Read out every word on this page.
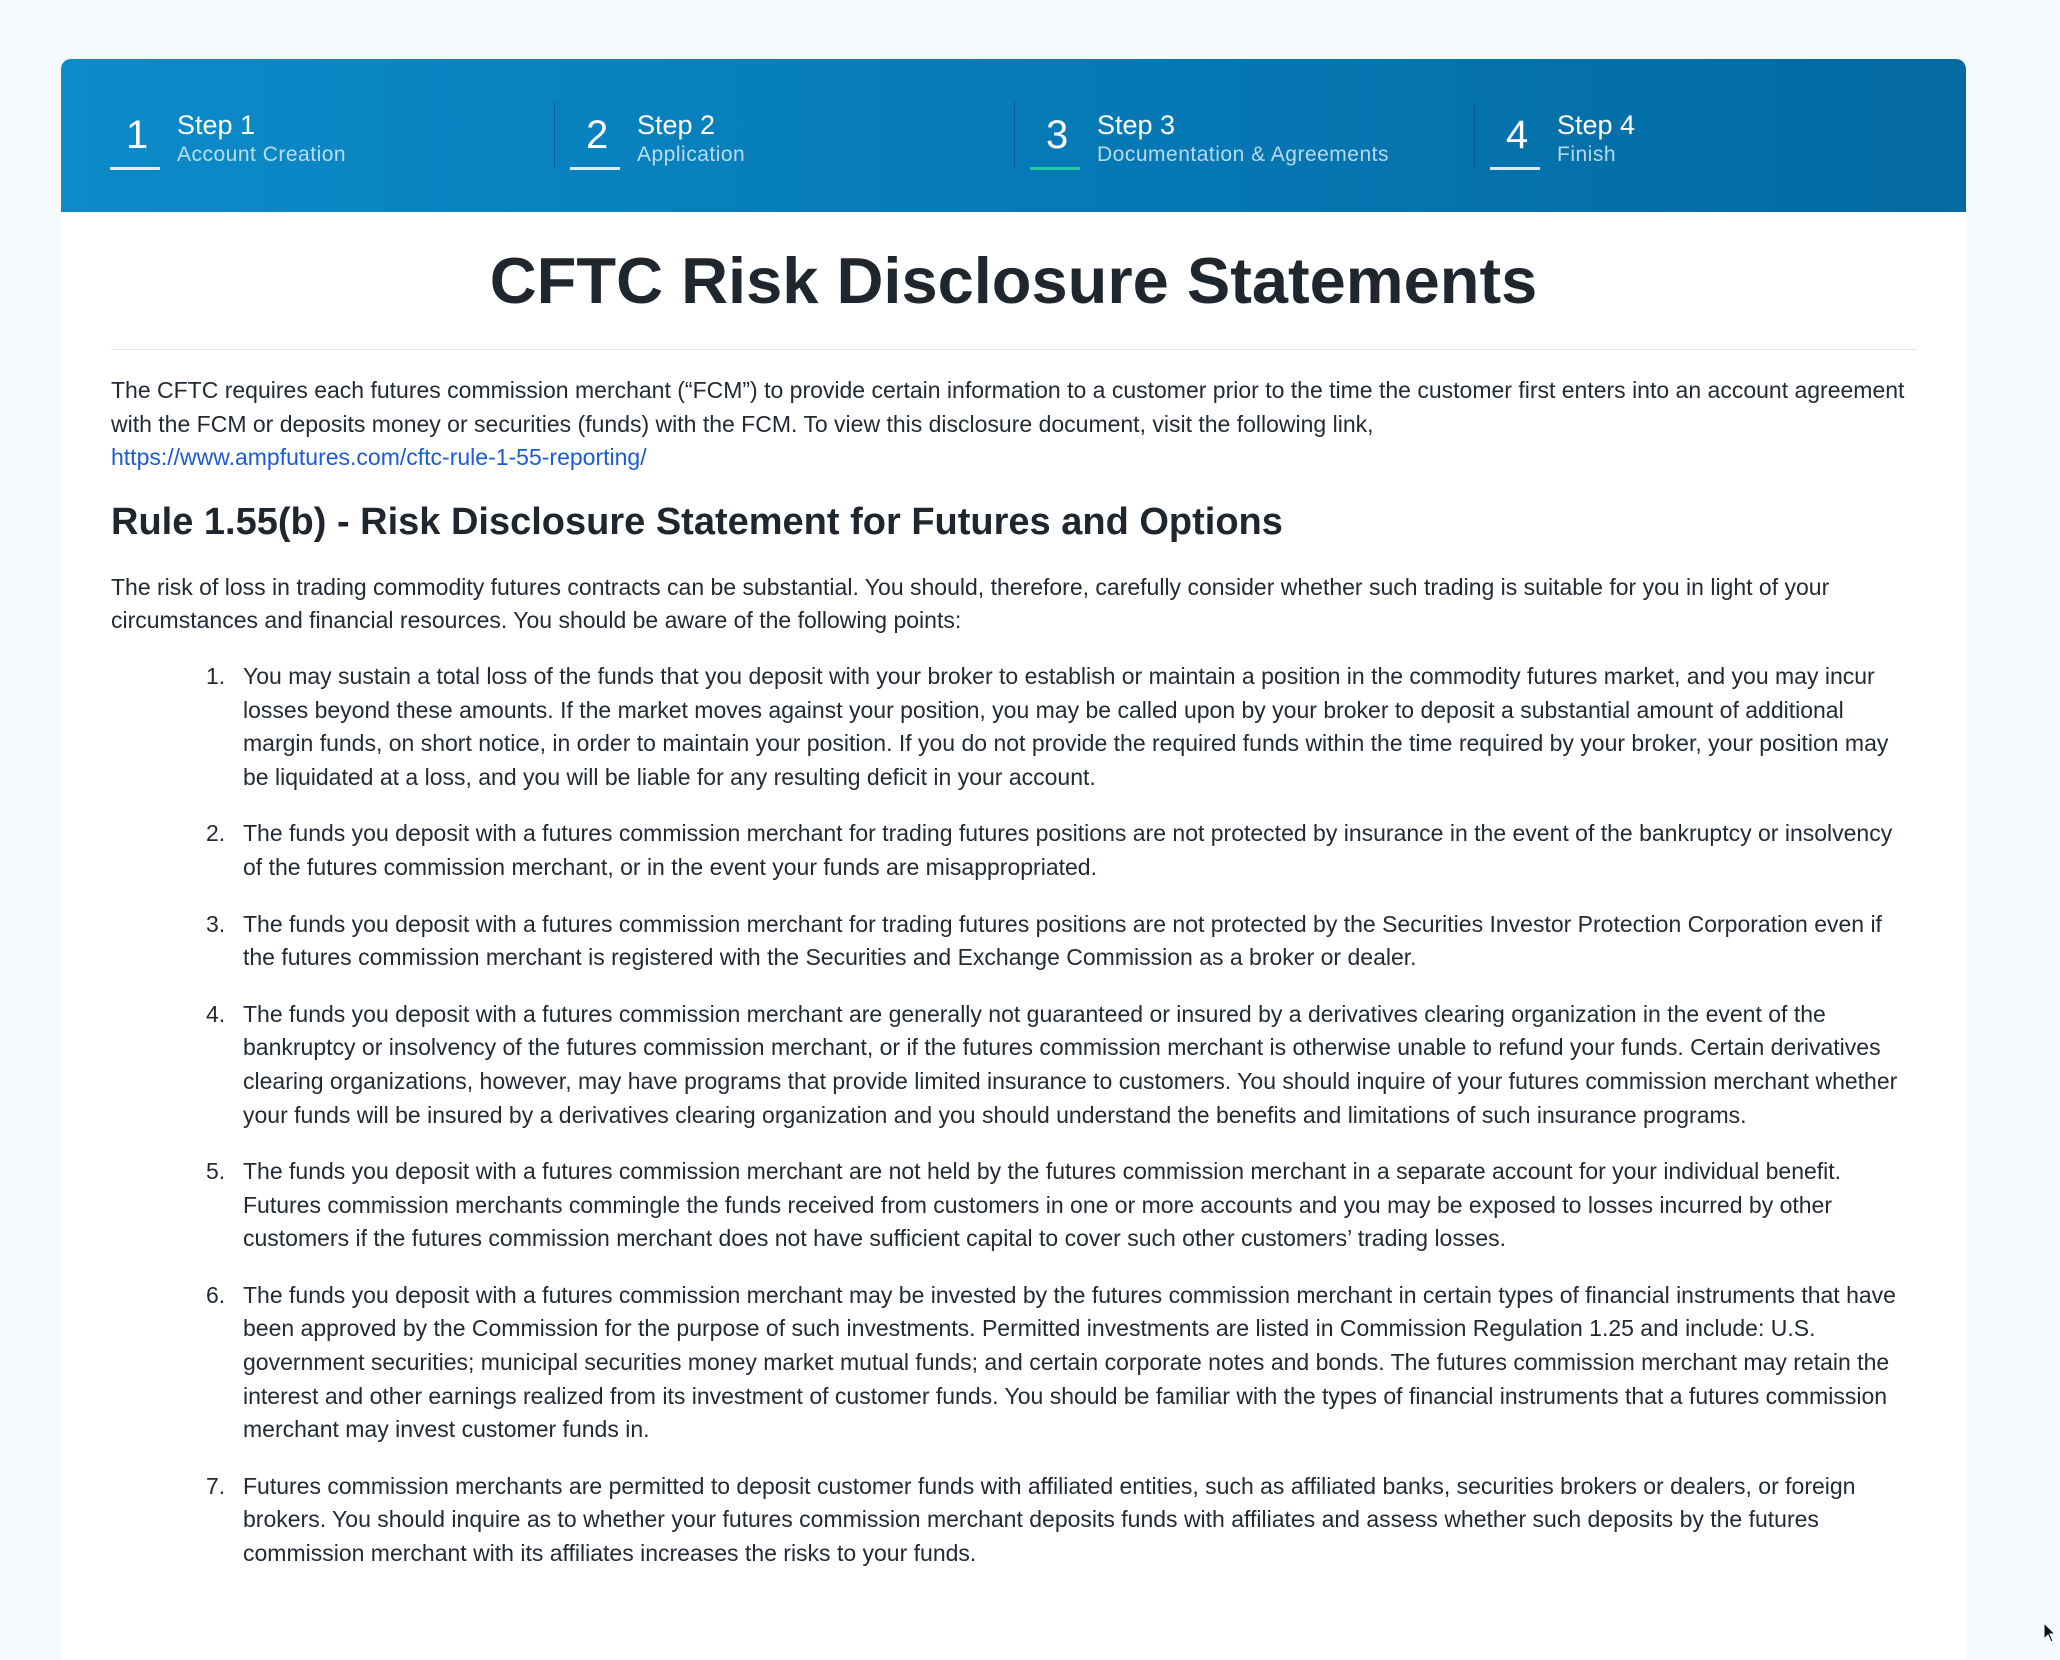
1	Step 1
Account Creation	2	Step 2
Application	3	Step 3
Documentation & Agreements	4	Step 4
Finish
CFTC Risk Disclosure Statements

The CFTC requires each futures commission merchant (“FCM”) to provide certain information to a customer prior to the time the customer first enters into an account agreement with the FCM or deposits money or securities (funds) with the FCM. To view this disclosure document, visit the following link,
https://www.ampfutures.com/cftc-rule-1-55-reporting/

Rule 1.55(b) - Risk Disclosure Statement for Futures and Options

The risk of loss in trading commodity futures contracts can be substantial. You should, therefore, carefully consider whether such trading is suitable for you in light of your circumstances and financial resources. You should be aware of the following points:

1. You may sustain a total loss of the funds that you deposit with your broker to establish or maintain a position in the commodity futures market, and you may incur losses beyond these amounts. If the market moves against your position, you may be called upon by your broker to deposit a substantial amount of additional margin funds, on short notice, in order to maintain your position. If you do not provide the required funds within the time required by your broker, your position may be liquidated at a loss, and you will be liable for any resulting deficit in your account.
2. The funds you deposit with a futures commission merchant for trading futures positions are not protected by insurance in the event of the bankruptcy or insolvency of the futures commission merchant, or in the event your funds are misappropriated.
3. The funds you deposit with a futures commission merchant for trading futures positions are not protected by the Securities Investor Protection Corporation even if the futures commission merchant is registered with the Securities and Exchange Commission as a broker or dealer.
4. The funds you deposit with a futures commission merchant are generally not guaranteed or insured by a derivatives clearing organization in the event of the bankruptcy or insolvency of the futures commission merchant, or if the futures commission merchant is otherwise unable to refund your funds. Certain derivatives clearing organizations, however, may have programs that provide limited insurance to customers. You should inquire of your futures commission merchant whether your funds will be insured by a derivatives clearing organization and you should understand the benefits and limitations of such insurance programs.
5. The funds you deposit with a futures commission merchant are not held by the futures commission merchant in a separate account for your individual benefit. Futures commission merchants commingle the funds received from customers in one or more accounts and you may be exposed to losses incurred by other customers if the futures commission merchant does not have sufficient capital to cover such other customers’ trading losses.
6. The funds you deposit with a futures commission merchant may be invested by the futures commission merchant in certain types of financial instruments that have been approved by the Commission for the purpose of such investments. Permitted investments are listed in Commission Regulation 1.25 and include: U.S. government securities; municipal securities money market mutual funds; and certain corporate notes and bonds. The futures commission merchant may retain the interest and other earnings realized from its investment of customer funds. You should be familiar with the types of financial instruments that a futures commission merchant may invest customer funds in.
7. Futures commission merchants are permitted to deposit customer funds with affiliated entities, such as affiliated banks, securities brokers or dealers, or foreign brokers. You should inquire as to whether your futures commission merchant deposits funds with affiliates and assess whether such deposits by the futures commission merchant with its affiliates increases the risks to your funds.
